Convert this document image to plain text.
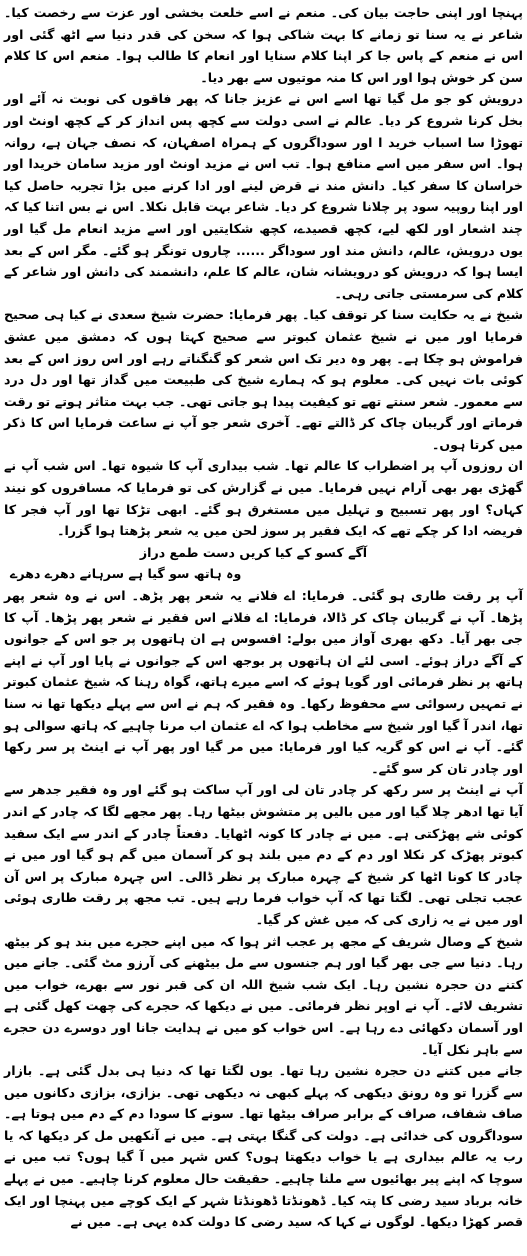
پہنچا اور اپنی حاجت بیان کی۔ منعم نے اسے خلعت بخشی اور عزت سے رخصت کیا۔ شاعر نے یہ سنا تو زمانے کا بہت شاکی ہوا کہ سخن کی قدر دنیا سے اٹھ گئی اور اس نے منعم کے پاس جا کر اپنا کلام سنایا اور انعام کا طالب ہوا۔ منعم اس کا کلام سن کر خوش ہوا اور اس کا منہ موتیوں سے بھر دیا۔

درویش کو جو مل گیا تھا اسے اس نے عزیز جانا کہ پھر فاقوں کی نوبت نہ آئے اور بخل کرنا شروع کر دیا۔ عالم نے اسی دولت سے کچھ پس انداز کر کے کچھ اونٹ اور تھوڑا سا اسباب خرید ا اور سوداگروں کے ہمراہ اصفہان، کہ نصف جہان ہے، روانہ ہوا۔ اس سفر میں اسے منافع ہوا۔ تب اس نے مزید اونٹ اور مزید سامان خریدا اور خراسان کا سفر کیا۔ دانش مند نے قرض لینے اور ادا کرنے میں بڑا تجربہ حاصل کیا اور اپنا روپیہ سود پر چلانا شروع کر دیا۔ شاعر بہت قابل نکلا۔ اس نے بس اتنا کیا کہ چند اشعار اور لکھ لیے، کچھ قصیدے، کچھ شکایتیں اور اسے مزید انعام مل گیا اور یوں درویش، عالم، دانش مند اور سوداگر ...... چاروں تونگر ہو گئے۔ مگر اس کے بعد ایسا ہوا کہ درویش کو درویشانہ شان، عالم کا علم، دانشمند کی دانش اور شاعر کے کلام کی سرمستی جاتی رہی۔

شیخ نے یہ حکایت سنا کر توقف کیا۔ پھر فرمایا: حضرت شیخ سعدی نے کیا ہی صحیح فرمایا اور میں نے شیخ عثمان کبوتر سے صحیح کہتا ہوں کہ دمشق میں عشق فراموش ہو چکا ہے۔ پھر وہ دیر تک اس شعر کو گنگناتے رہے اور اس روز اس کے بعد کوئی بات نہیں کی۔ معلوم ہو کہ ہمارے شیخ کی طبیعت میں گداز تھا اور دل درد سے معمور۔ شعر سنتے تھے تو کیفیت پیدا ہو جاتی تھی۔ جب بہت متاثر ہوتے تو رقت فرماتے اور گریبان چاک کر ڈالتے تھے۔ آخری شعر جو آپ نے ساعت فرمایا اس کا ذکر میں کرتا ہوں۔

ان روزوں آپ پر اضطراب کا عالم تھا۔ شب بیداری آپ کا شیوہ تھا۔ اس شب آپ نے گھڑی بھر بھی آرام نہیں فرمایا۔ میں نے گزارش کی تو فرمایا کہ مسافروں کو نیند کہاں؟ اور پھر تسبیح و تہلیل میں مستغرق ہو گئے۔ ابھی تڑکا تھا اور آپ فجر کا فریضہ ادا کر چکے تھے کہ ایک فقیر پر سوز لحن میں یہ شعر پڑھتا ہوا گزرا۔

آگے کسو کے کیا کریں دست طمع دراز
وہ ہاتھ سو گیا ہے سرہانے دھرے دھرے

آپ پر رقت طاری ہو گئی۔ فرمایا: اے فلانے یہ شعر پھر پڑھ۔ اس نے وہ شعر پھر پڑھا۔ آپ نے گریبان چاک کر ڈالا، فرمایا: اے فلانے اس فقیر نے شعر پھر پڑھا۔ آپ کا جی بھر آیا۔ دکھ بھری آواز میں بولے: افسوس ہے ان ہاتھوں پر جو اس کے جوانوں کے آگے دراز ہوئے۔ اسی لئے ان ہاتھوں پر بوجھ اس کے جوانوں نے پایا اور آپ نے اپنے ہاتھ پر نظر فرمائی اور گویا ہوئے کہ اسے میرے ہاتھ، گواہ رہنا کہ شیخ عثمان کبوتر نے تمہیں رسوائی سے محفوظ رکھا۔ وہ فقیر کہ ہم نے اس سے پہلے دیکھا تھا نہ سنا تھا، اندر آ گیا اور شیخ سے مخاطب ہوا کہ اے عثمان اب مرنا چاہیے کہ ہاتھ سوالی ہو گئے۔ آپ نے اس کو گریہ کیا اور فرمایا: میں مر گیا اور پھر آپ نے اینٹ پر سر رکھا اور چادر تان کر سو گئے۔

آپ نے اینٹ پر سر رکھ کر چادر تان لی اور آپ ساکت ہو گئے اور وہ فقیر جدھر سے آیا تھا ادھر چلا گیا اور میں بالیں پر متشوش بیٹھا رہا۔ پھر مجھے لگا کہ چادر کے اندر کوئی شے پھڑکتی ہے۔ میں نے چادر کا کونہ اٹھایا۔ دفعتاً چادر کے اندر سے ایک سفید کبوتر پھڑک کر نکلا اور دم کے دم میں بلند ہو کر آسمان میں گم ہو گیا اور میں نے چادر کا کونا اٹھا کر شیخ کے چہرہ مبارک پر نظر ڈالی۔ اس چہرہ مبارک پر اس آن عجب تجلی تھی۔ لگتا تھا کہ آپ خواب فرما رہے ہیں۔ تب مجھ پر رقت طاری ہوئی اور میں نے یہ زاری کی کہ میں غش کر گیا۔

شیخ کے وصال شریف کے مجھ پر عجب اثر ہوا کہ میں اپنے حجرے میں بند ہو کر بیٹھ رہا۔ دنیا سے جی بھر گیا اور ہم جنسوں سے مل بیٹھنے کی آرزو مٹ گئی۔ جانے میں کتنے دن حجرہ نشین رہا۔ ایک شب شیخ اللہ ان کی قبر نور سے بھرے، خواب میں تشریف لائے۔ آپ نے اوپر نظر فرمائی۔ میں نے دیکھا کہ حجرے کی چھت کھل گئی ہے اور آسمان دکھائی دے رہا ہے۔ اس خواب کو میں نے ہدایت جانا اور دوسرے دن حجرے سے باہر نکل آیا۔

جانے میں کتنے دن حجرہ نشین رہا تھا۔ یوں لگتا تھا کہ دنیا ہی بدل گئی ہے۔ بازار سے گزرا تو وہ رونق دیکھی کہ پہلے کبھی نہ دیکھی تھی۔ بزازی، بزازی دکانوں میں صاف شفاف، صراف کے برابر صراف بیٹھا تھا۔ سونے کا سودا دم کے دم میں ہوتا ہے۔ سوداگروں کی خدائی ہے۔ دولت کی گنگا بہتی ہے۔ میں نے آنکھیں مل کر دیکھا کہ یا رب یہ عالم بیداری ہے یا خواب دیکھتا ہوں؟ کس شہر میں آ گیا ہوں؟ تب میں نے سوچا کہ اپنے پیر بھائیوں سے ملنا چاہیے۔ حقیقت حال معلوم کرنا چاہیے۔ میں نے پہلے خانہ برباد سید رضی کا پتہ کیا۔ ڈھونڈتا ڈھونڈتا شہر کے ایک کوچے میں پہنچا اور ایک قصر کھڑا دیکھا۔ لوگوں نے کہا کہ سید رضی کا دولت کدہ یہی ہے۔ میں نے
